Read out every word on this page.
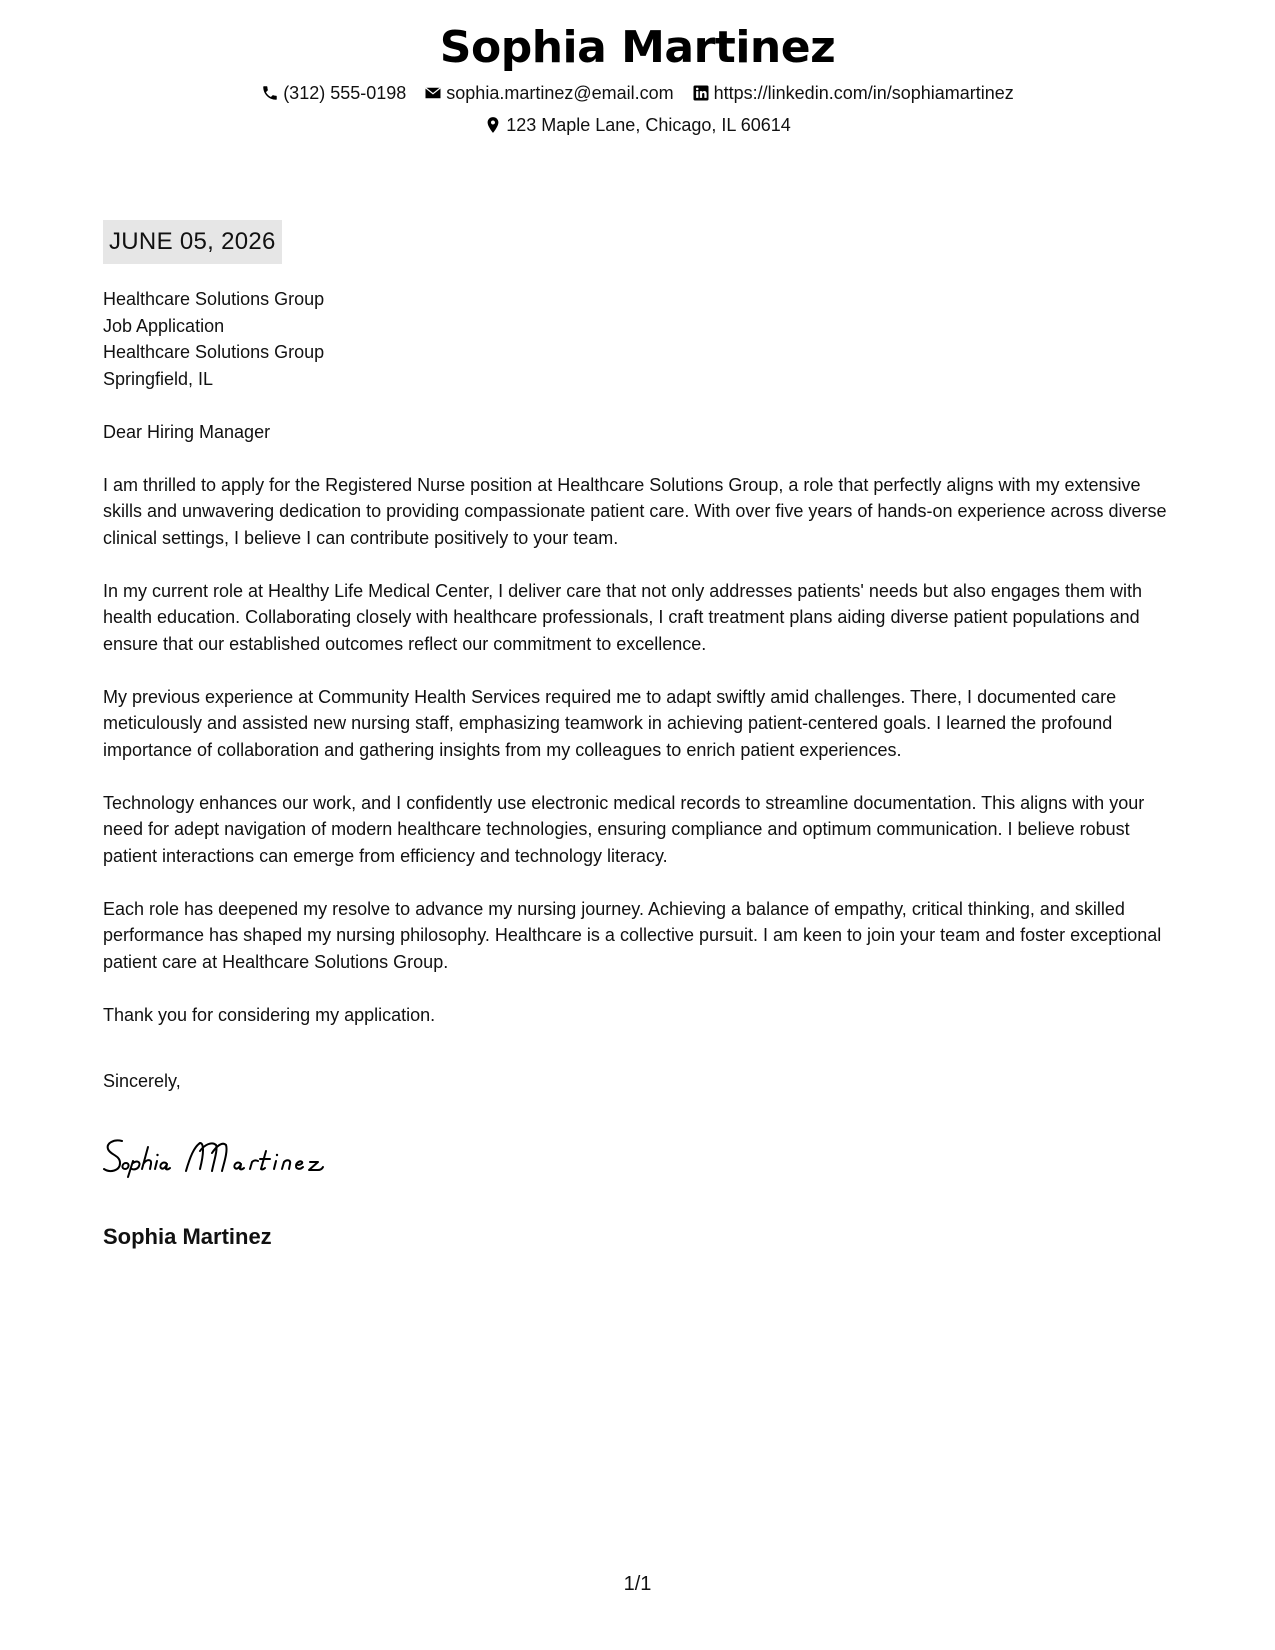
Sophia Martinez
(312) 555-0198 sophia.martinez@email.com https://linkedin.com/in/sophiamartinez
123 Maple Lane, Chicago, IL 60614
JUNE 05, 2026
Healthcare Solutions Group
Job Application
Healthcare Solutions Group
Springfield, IL
Dear Hiring Manager

I am thrilled to apply for the Registered Nurse position at Healthcare Solutions Group, a role that perfectly aligns with my extensive skills and unwavering dedication to providing compassionate patient care. With over five years of hands-on experience across diverse clinical settings, I believe I can contribute positively to your team.

In my current role at Healthy Life Medical Center, I deliver care that not only addresses patients' needs but also engages them with health education. Collaborating closely with healthcare professionals, I craft treatment plans aiding diverse patient populations and ensure that our established outcomes reflect our commitment to excellence.

My previous experience at Community Health Services required me to adapt swiftly amid challenges. There, I documented care meticulously and assisted new nursing staff, emphasizing teamwork in achieving patient-centered goals. I learned the profound importance of collaboration and gathering insights from my colleagues to enrich patient experiences.

Technology enhances our work, and I confidently use electronic medical records to streamline documentation. This aligns with your need for adept navigation of modern healthcare technologies, ensuring compliance and optimum communication. I believe robust patient interactions can emerge from efficiency and technology literacy.

Each role has deepened my resolve to advance my nursing journey. Achieving a balance of empathy, critical thinking, and skilled performance has shaped my nursing philosophy. Healthcare is a collective pursuit. I am keen to join your team and foster exceptional patient care at Healthcare Solutions Group.

Thank you for considering my application.

Sincerely,
Sophia Martinez
1/1
